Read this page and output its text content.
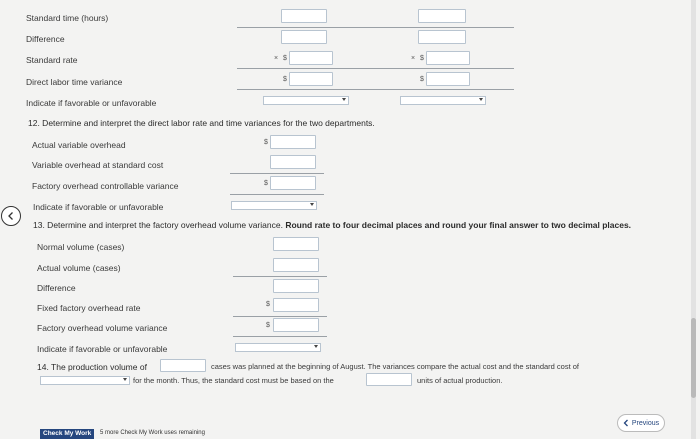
Standard time (hours)
Difference
Standard rate	× $	× $
Direct labor time variance	$	$
Indicate if favorable or unfavorable
12. Determine and interpret the direct labor rate and time variances for the two departments.
Actual variable overhead	$
Variable overhead at standard cost
Factory overhead controllable variance	$
Indicate if favorable or unfavorable
13. Determine and interpret the factory overhead volume variance. Round rate to four decimal places and round your final answer to two decimal places.
Normal volume (cases)
Actual volume (cases)
Difference
Fixed factory overhead rate	$
Factory overhead volume variance	$
Indicate if favorable or unfavorable
14. The production volume of	cases was planned at the beginning of August. The variances compare the actual cost and the standard cost of
for the month. Thus, the standard cost must be based on the	units of actual production.
Check My Work	5 more Check My Work uses remaining
Previous
